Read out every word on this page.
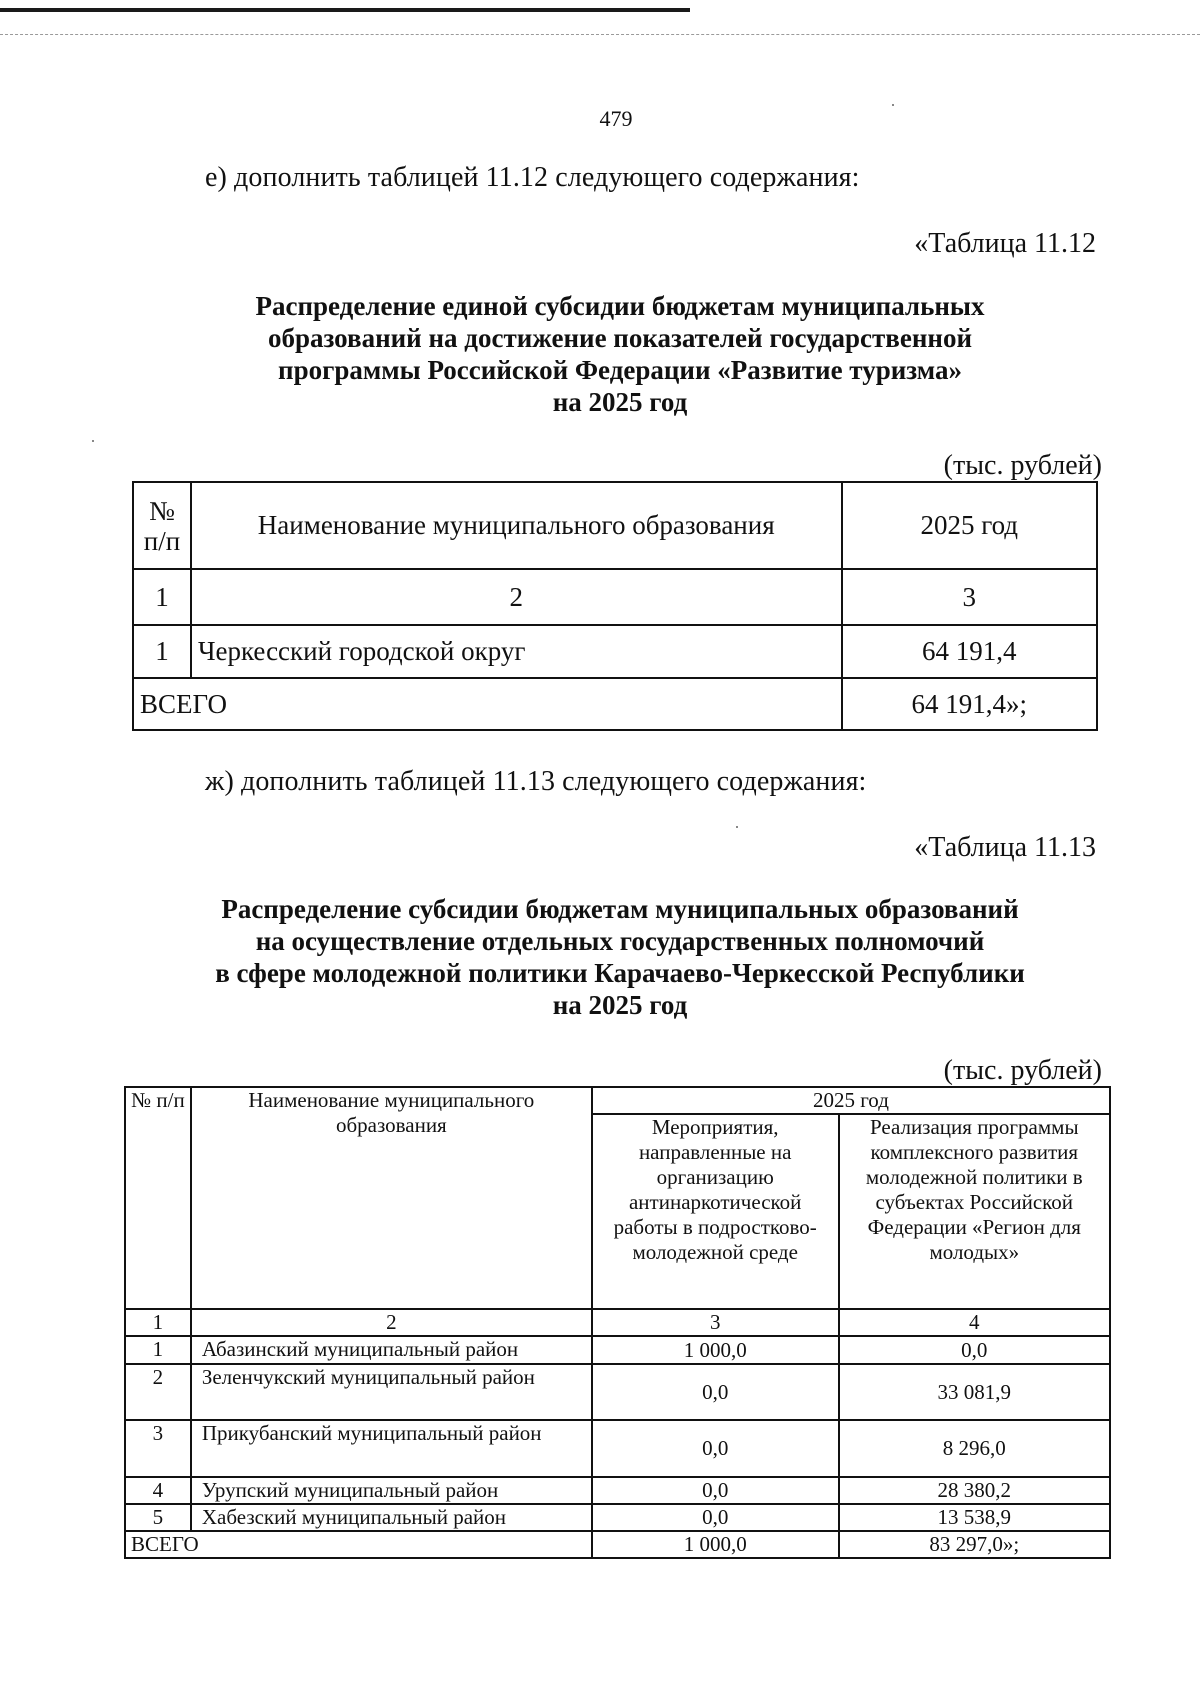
479
е) дополнить таблицей 11.12 следующего содержания:
«Таблица 11.12
Распределение единой субсидии бюджетам муниципальных
образований на достижение показателей государственной
программы Российской Федерации «Развитие туризма»
на 2025 год
(тыс. рублей)
№ п/п	Наименование муниципального образования	2025 год
1	2	3
1	Черкесский городской округ	64 191,4
ВСЕГО		64 191,4»;
ж) дополнить таблицей 11.13 следующего содержания:
«Таблица 11.13
Распределение субсидии бюджетам муниципальных образований
на осуществление отдельных государственных полномочий
в сфере молодежной политики Карачаево-Черкесской Республики
на 2025 год
(тыс. рублей)
№ п/п	Наименование муниципального образования	2025 год	
		Мероприятия, направленные на организацию антинаркотической работы в подростково-молодежной среде	Реализация программы комплексного развития молодежной политики в субъектах Российской Федерации «Регион для молодых»
1	2	3	4
1	Абазинский муниципальный район	1 000,0	0,0
2	Зеленчукский муниципальный район	0,0	33 081,9
3	Прикубанский муниципальный район	0,0	8 296,0
4	Урупский муниципальный район	0,0	28 380,2
5	Хабезский муниципальный район	0,0	13 538,9
ВСЕГО		1 000,0	83 297,0»;
